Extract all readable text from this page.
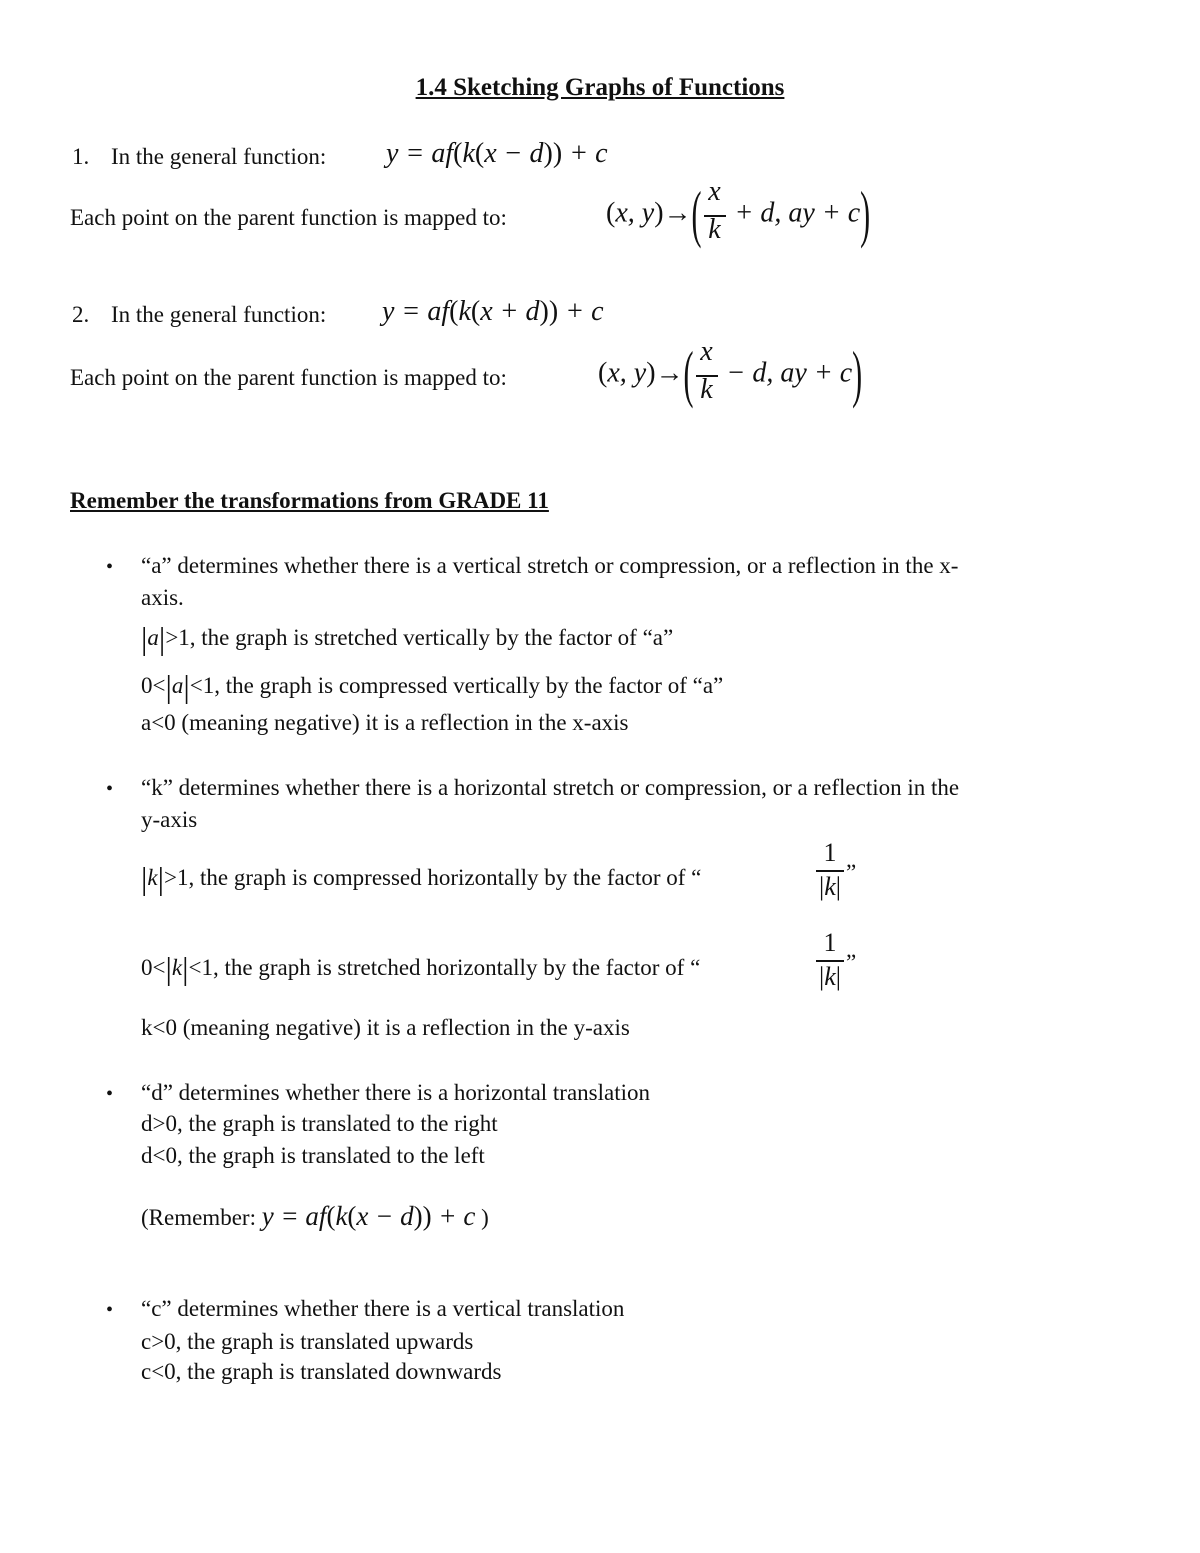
1.4 Sketching Graphs of Functions
1. In the general function: y = af(k(x − d)) + c
Each point on the parent function is mapped to:	(x, $y)\to( \frac{x}{k} + d$, ay + c)
2. In the general function: y = af(k(x + d)) + c
Each point on the parent function is mapped to:	(x, $y)\to( \frac{x}{k} - d$, ay + c)
Remember the transformations from GRADE 11
• “a” determines whether there is a vertical stretch or compression, or a reflection in the x-
axis.
|a|>1, the graph is stretched vertically by the factor of “a”
0<|a|<1, the graph is compressed vertically by the factor of “a”
a<0 (meaning negative) it is a reflection in the x-axis
• “k” determines whether there is a horizontal stretch or compression, or a reflection in the
y-axis
|k|>1, the graph is compressed horizontally by the factor of “
1
|k| ”
0<|k|<1, the graph is stretched horizontally by the factor of “
1
|k| ”
k<0 (meaning negative) it is a reflection in the y-axis
• “d” determines whether there is a horizontal translation
d>0, the graph is translated to the right
d<0, the graph is translated to the left
(Remember: y = af(k(x − d)) + c )
• “c” determines whether there is a vertical translation
c>0, the graph is translated upwards
c<0, the graph is translated downwards
